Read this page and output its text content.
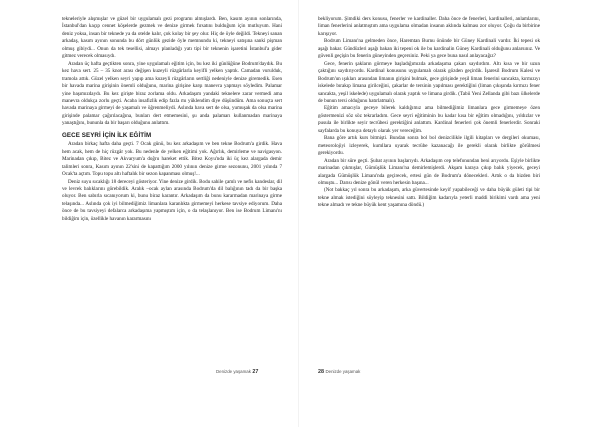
tekneleriyle alışmışlar ve güzel bir uygulamalı gezi programı almışlardı. Ben, kasım ayının sonlarında, İstanbul'dan kaçıp cennet köşelerde gezmek ve denize girmek fırsatını bulduğum için mutluyum. Hani deniz yoksa, insan bir teknede ya da otelde kalır, çok kolay bir şey olur. Hiç de öyle değildi. Tekneyi sanan arkadaş, kasım ayının sonunda bu dört günlük gezide öyle memnundu ki, tekneyi satışına sanki pişman olmuş gibiydi... Onun da tek tesellisi, almayı planladığı yatı tipi bir teknenin işaretini İstanbul'a gider gitmez verecek olmasıydı.

Aradan üç hafta geçtikten sonra, yine uygulamalı eğitim için, bu kez iki günlüğüne Bodrum'daydık. Bu kez hava sert. 25 – 35 knot arası değişen kuzeyli rüzgârlarla keyifli yelken yaptık. Camadan vurulduk, tramola attık. Güzel yelken seyri yapıp ama kuzeyli rüzgârların sertliği nedeniyle denize giremedik. Esen bir havada marina girişinin önemli olduğunu, marina girişine karşı manevra yapmayı söyledim. Palamar yine başımızdaydı. Bu kez girişte biraz zorlama oldu. Arkadaşım yandaki teknelere zarar vermedi ama manevra oldukça zorlu geçti. Acaba insafizlik edip fazla mı yüklendim diye düşündüm. Ama sonuçta sert havada marinaya girmeyi de yaşamalı ve öğrenmeliydi. Aslında hava sert de olsa, yumuşak da olsa marina girişinde palamar çağırılacağına, bunları dert etmemesini, şu anda palamarı kullanmadan marinaya yanaştığını, bununla da bir başarı olduğunu anlattım.

GECE SEYRİ İÇİN İLK EĞİTİM

Aradan birkaç hafta daha geçti. 7 Ocak günü, bu kez arkadaşım ve ben tekne Bodrum'a girdik. Hava hem acak, hem de hiç rüzgâr yok. Bu nedenle de yelken eğitimi yok. Ağırlık, demirleme ve navigasyon. Marinadan çıkıp, Bitez ve Akvaryum'a doğru hareket ettik. Bitez Koyu'nda iki üç kez alargada demir talimleri sonra, Kasım ayının 22'sini de kapattığım 2000 yılının denize girme sezonunu, 2001 yılında 7 Ocak'ta açtım. Topu topu altı haftalık bir sezon kapanması olmuş!...

Deniz suyu sıcaklığı 18 dereceyi gösteriyor. Yine denize girdik. Bodu sahile çamlı ve nefis kandeslar, dil ve levrek balıklarını görebildik. Aralık –ocak aylan arasında Bodrum'da dil balığının tadı da bir başka oluyor. Ben sabırla sıcanıyorum ki, bunu biraz karantır. Arkadaşım da bunu kararmadan marinaya girme telaşında... Aslında çok iyi bilmediğimiz limanlara karanlıkta girmemeyi herkese tavsiye ediyorum. Daha önce de bu tavsiyeyi defalarca arkadaşıma yapmıştım için, o da telaşlanıyor. Ben ise Bodrum Limanı'nı bildiğim için, özellikle havanın kararmasını

bekliyorum. Şimdiki ders konusu, fenerler ve kardinaller. Daha önce de fenerleri, kardinalleri, anlamlarını, liman fenerlerini anlatmıştım ama uygulama olmadan insanın aklında kalması zor oluyor. Çoğu da birbirine karışıyor.

Bodrum Limanı'na gelmeden önce, Haremtan Burnu önünde bir Güney Kardinali vardır. İki tepesi ok aşağı bakar. Gündüzleri aşağı bakan iki tepeni ok ile bu kardinalin Güney Kardinali olduğunu anlarsınız. Ve güvenli geçişin bu fenerin güneyinden geçersiniz. Peki ya gece buna nasıl anlayacağız?

Gece, fenerin şakların görmeye başladığımızda arkadaşıma çakarı saydırdım. Altı kısa ve bir uzun çaktığını saydırıyordu. Kardinal konusunu uygulamalı olarak gözden geçirdik. İşaresil Bodrum Kalesi ve Bodrum'un ışıkları arasından limanın girişini bulmak, gece girişinde yeşil liman fenerini sancakta, kırmızıyı iskelede bırakıp limana girilceğini, çakarlar de tersinin yapılması gerektiğini (liman çıkışında kırmızı fener sancakta, yeşil iskelede) uygulamalı olarak yaptık ve limana girdik. (Tabii Yeni Zellanda gibi bazı ülkelerde de bunun tersi olduğunu hatırlatmalı).

Eğitim amacıyla geceye bilerek kaldığımız ama bilmediğimiz limanlara gece girmemeye özen göstermenizi söz söz tekrarladım. Gece seyri eğitiminin bu kadar kısa bir eğitim olmadığını, yıldızlar ve pusula ile birlikte seyir tecrübesi gerektiğini anlattım. Kardinal fenerleri çok önemli fenerlerdir. Sonraki sayfalarda bu konuya detaylı olarak yer vereceğim.

Bana göre artık kurs bitmişti. Bundan sonra bol bol denizcilikle ilgili kitapları ve dergileri okuması, meteorolojiyi izleyerek, kumllara uyarak tecrübe kazanacağı ile gerekli olarak birlikte görülmesi gerekiyordu.

Aradan bir süre geçti. Şubat ayının başlarıydı. Arkadaşım cep telefonundan beni arıyordu. Eşiyle birlikte marinadan çıkmışlar, Gümüşlük Limanı'na demirlemişlerdi. Akşam karaya çıkıp balık yiyecek, geceyi alargada Gümüşlük Limanı'nda geçirecek, ertesi gün de Bodrum'a dönecekleri. Artık o da bizden biri olmuştu... Darısı denize gönül veren herkesin başına...

(Not bakkaç yıl sonra bu arkadaşım, arka güvertesinde keyif yapabileceği ve daha büyük gületi tipi bir tekne almak istediğini söyleyip teknesini sattı. Bildiğim kadarıyla yeterli maddi birikimi vardı ama yeni tekne almadı ve tekne büyük kent yaşamına döndü.)

Denizde yaşamak 27	28 Denizde yaşamak
